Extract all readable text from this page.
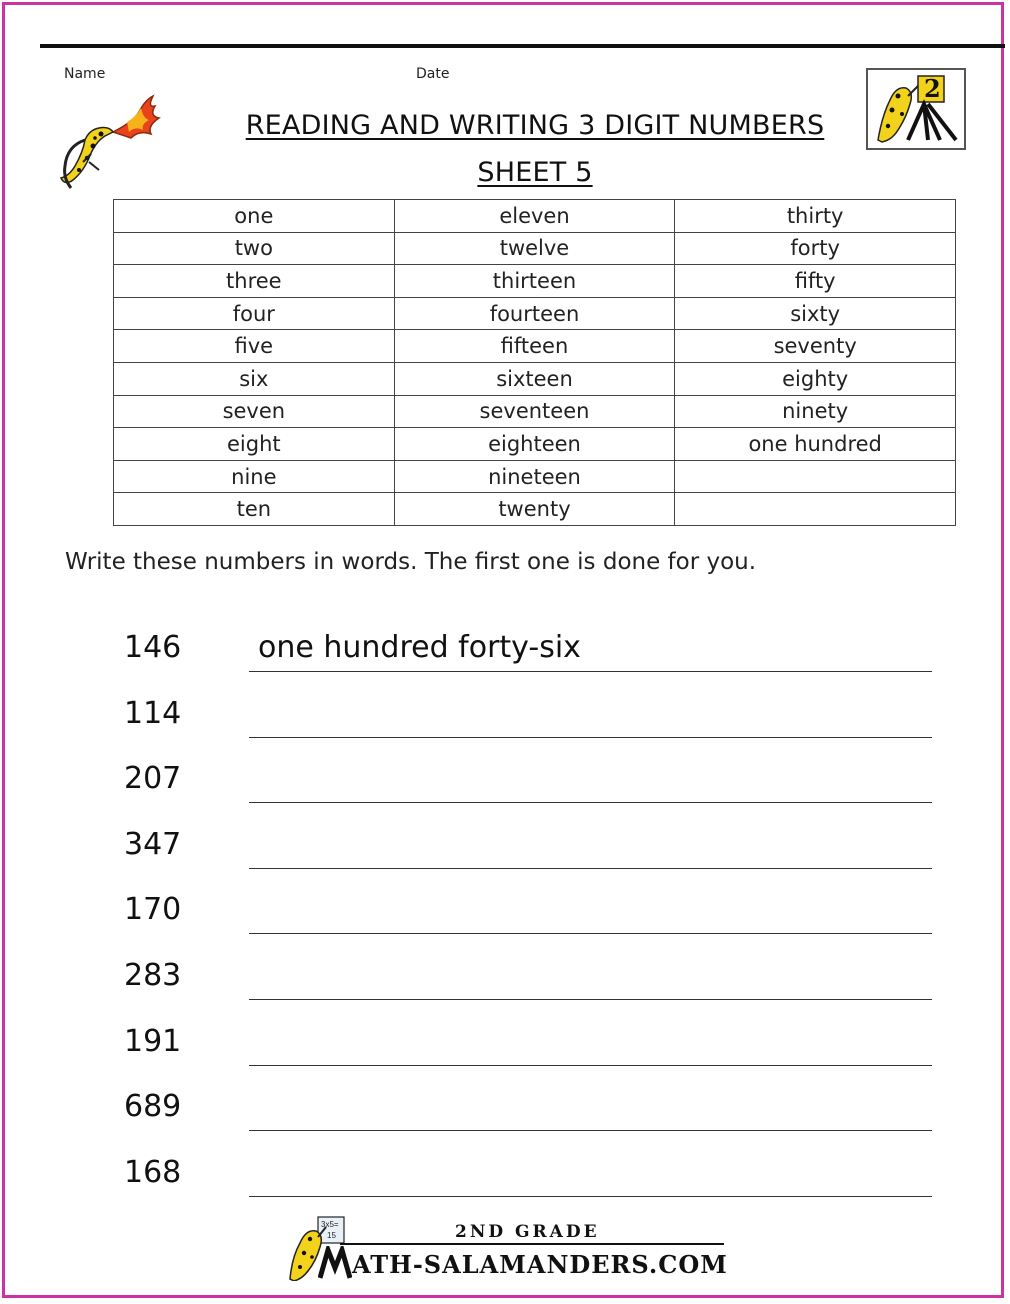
Name	Date
READING AND WRITING 3 DIGIT NUMBERS
SHEET 5
2
one	eleven	thirty
two	twelve	forty
three	thirteen	fifty
four	fourteen	sixty
five	fifteen	seventy
six	sixteen	eighty
seven	seventeen	ninety
eight	eighteen	one hundred
nine	nineteen	
ten	twenty	
Write these numbers in words. The first one is done for you.
146	one hundred forty-six
114
207
347
170
283
191
689
168
3x5=
15	2ND GRADE
ATH-SALAMANDERS.COM
